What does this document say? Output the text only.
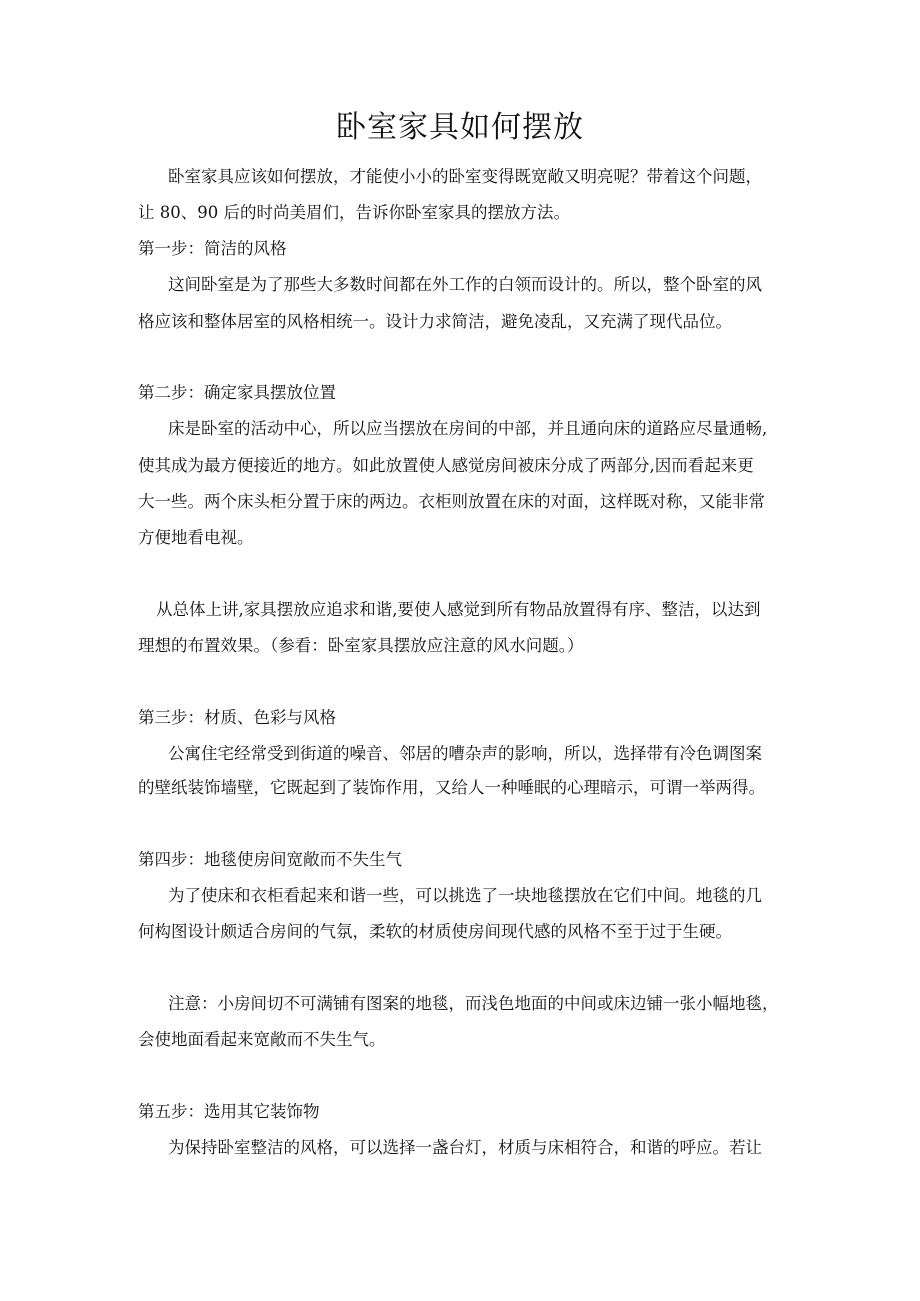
卧室家具如何摆放

卧室家具应该如何摆放，才能使小小的卧室变得既宽敞又明亮呢？带着这个问题，

让 80、90 后的时尚美眉们，告诉你卧室家具的摆放方法。

第一步：简洁的风格

这间卧室是为了那些大多数时间都在外工作的白领而设计的。所以，整个卧室的风

格应该和整体居室的风格相统一。设计力求简洁，避免凌乱，又充满了现代品位。

第二步：确定家具摆放位置

床是卧室的活动中心，所以应当摆放在房间的中部，并且通向床的道路应尽量通畅,

使其成为最方便接近的地方。如此放置使人感觉房间被床分成了两部分,因而看起来更

大一些。两个床头柜分置于床的两边。衣柜则放置在床的对面，这样既对称，又能非常

方便地看电视。

从总体上讲,家具摆放应追求和谐,要使人感觉到所有物品放置得有序、整洁，以达到

理想的布置效果。（参看：卧室家具摆放应注意的风水问题。）

第三步：材质、色彩与风格

公寓住宅经常受到街道的噪音、邻居的嘈杂声的影响，所以，选择带有冷色调图案

的壁纸装饰墙壁，它既起到了装饰作用，又给人一种唾眠的心理暗示，可谓一举两得。

第四步：地毯使房间宽敞而不失生气

为了使床和衣柜看起来和谐一些，可以挑选了一块地毯摆放在它们中间。地毯的几

何构图设计颇适合房间的气氛，柔软的材质使房间现代感的风格不至于过于生硬。

注意：小房间切不可满铺有图案的地毯，而浅色地面的中间或床边铺一张小幅地毯，

会使地面看起来宽敞而不失生气。

第五步：选用其它装饰物

为保持卧室整洁的风格，可以选择一盏台灯，材质与床相符合，和谐的呼应。若让
